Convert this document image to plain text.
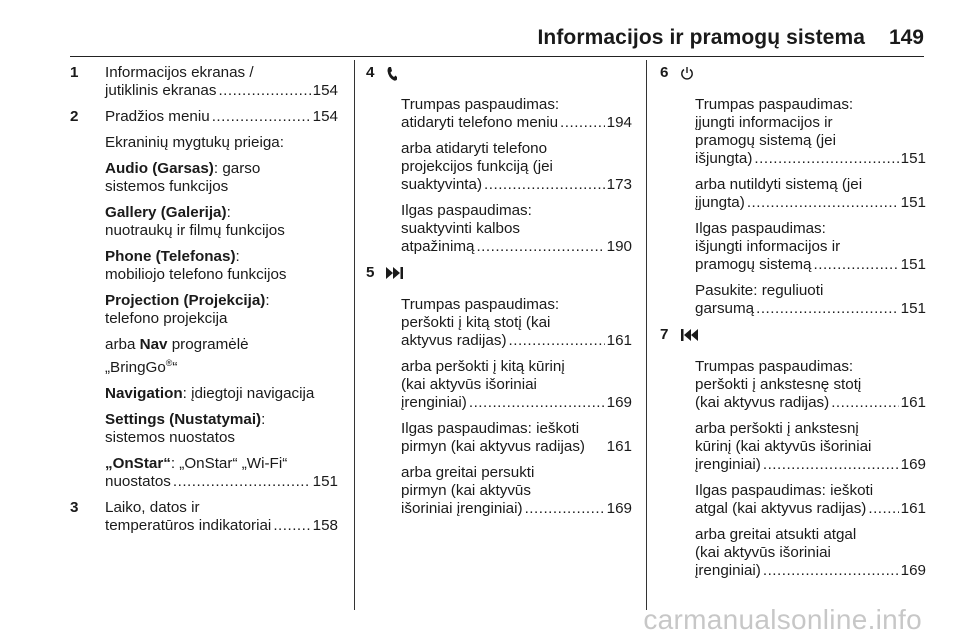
Informacijos ir pramogų sistema 149
1 Informacijos ekranas /
jutiklinis ekranas .....	154
2 Pradžios meniu .....	154
Ekraninių mygtukų prieiga:
Audio (Garsas): garso
sistemos funkcijos
Gallery (Galerija):
nuotraukų ir filmų funkcijos
Phone (Telefonas):
mobiliojo telefono funkcijos
Projection (Projekcija):
telefono projekcija
arba Nav programėlė
„BringGo®“
Navigation: įdiegtoji navigacija
Settings (Nustatymai):
sistemos nuostatos
„OnStar“: „OnStar“ „Wi-Fi“
nuostatos .....	151
3 Laiko, datos ir
temperatūros indikatoriai .....	158
4
Trumpas paspaudimas:
atidaryti telefono meniu .....	194
arba atidaryti telefono
projekcijos funkciją (jei
suaktyvinta) .....	173
Ilgas paspaudimas:
suaktyvinti kalbos
atpažinimą .....	190
5
Trumpas paspaudimas:
peršokti į kitą stotį (kai
aktyvus radijas) .....	161
arba peršokti į kitą kūrinį
(kai aktyvūs išoriniai
įrenginiai) .....	169
Ilgas paspaudimas: ieškoti
pirmyn (kai aktyvus radijas) 161
arba greitai persukti
pirmyn (kai aktyvūs
išoriniai įrenginiai) .....	169
6
Trumpas paspaudimas:
įjungti informacijos ir
pramogų sistemą (jei
išjungta) .....	151
arba nutildyti sistemą (jei
įjungta) .....	151
Ilgas paspaudimas:
išjungti informacijos ir
pramogų sistemą .....	151
Pasukite: reguliuoti
garsumą .....	151
7
Trumpas paspaudimas:
peršokti į ankstesnę stotį
(kai aktyvus radijas) .....	161
arba peršokti į ankstesnį
kūrinį (kai aktyvūs išoriniai
įrenginiai) .....	169
Ilgas paspaudimas: ieškoti
atgal (kai aktyvus radijas) ..... 161
arba greitai atsukti atgal
(kai aktyvūs išoriniai
įrenginiai) .....	169
carmanualsonline.info
